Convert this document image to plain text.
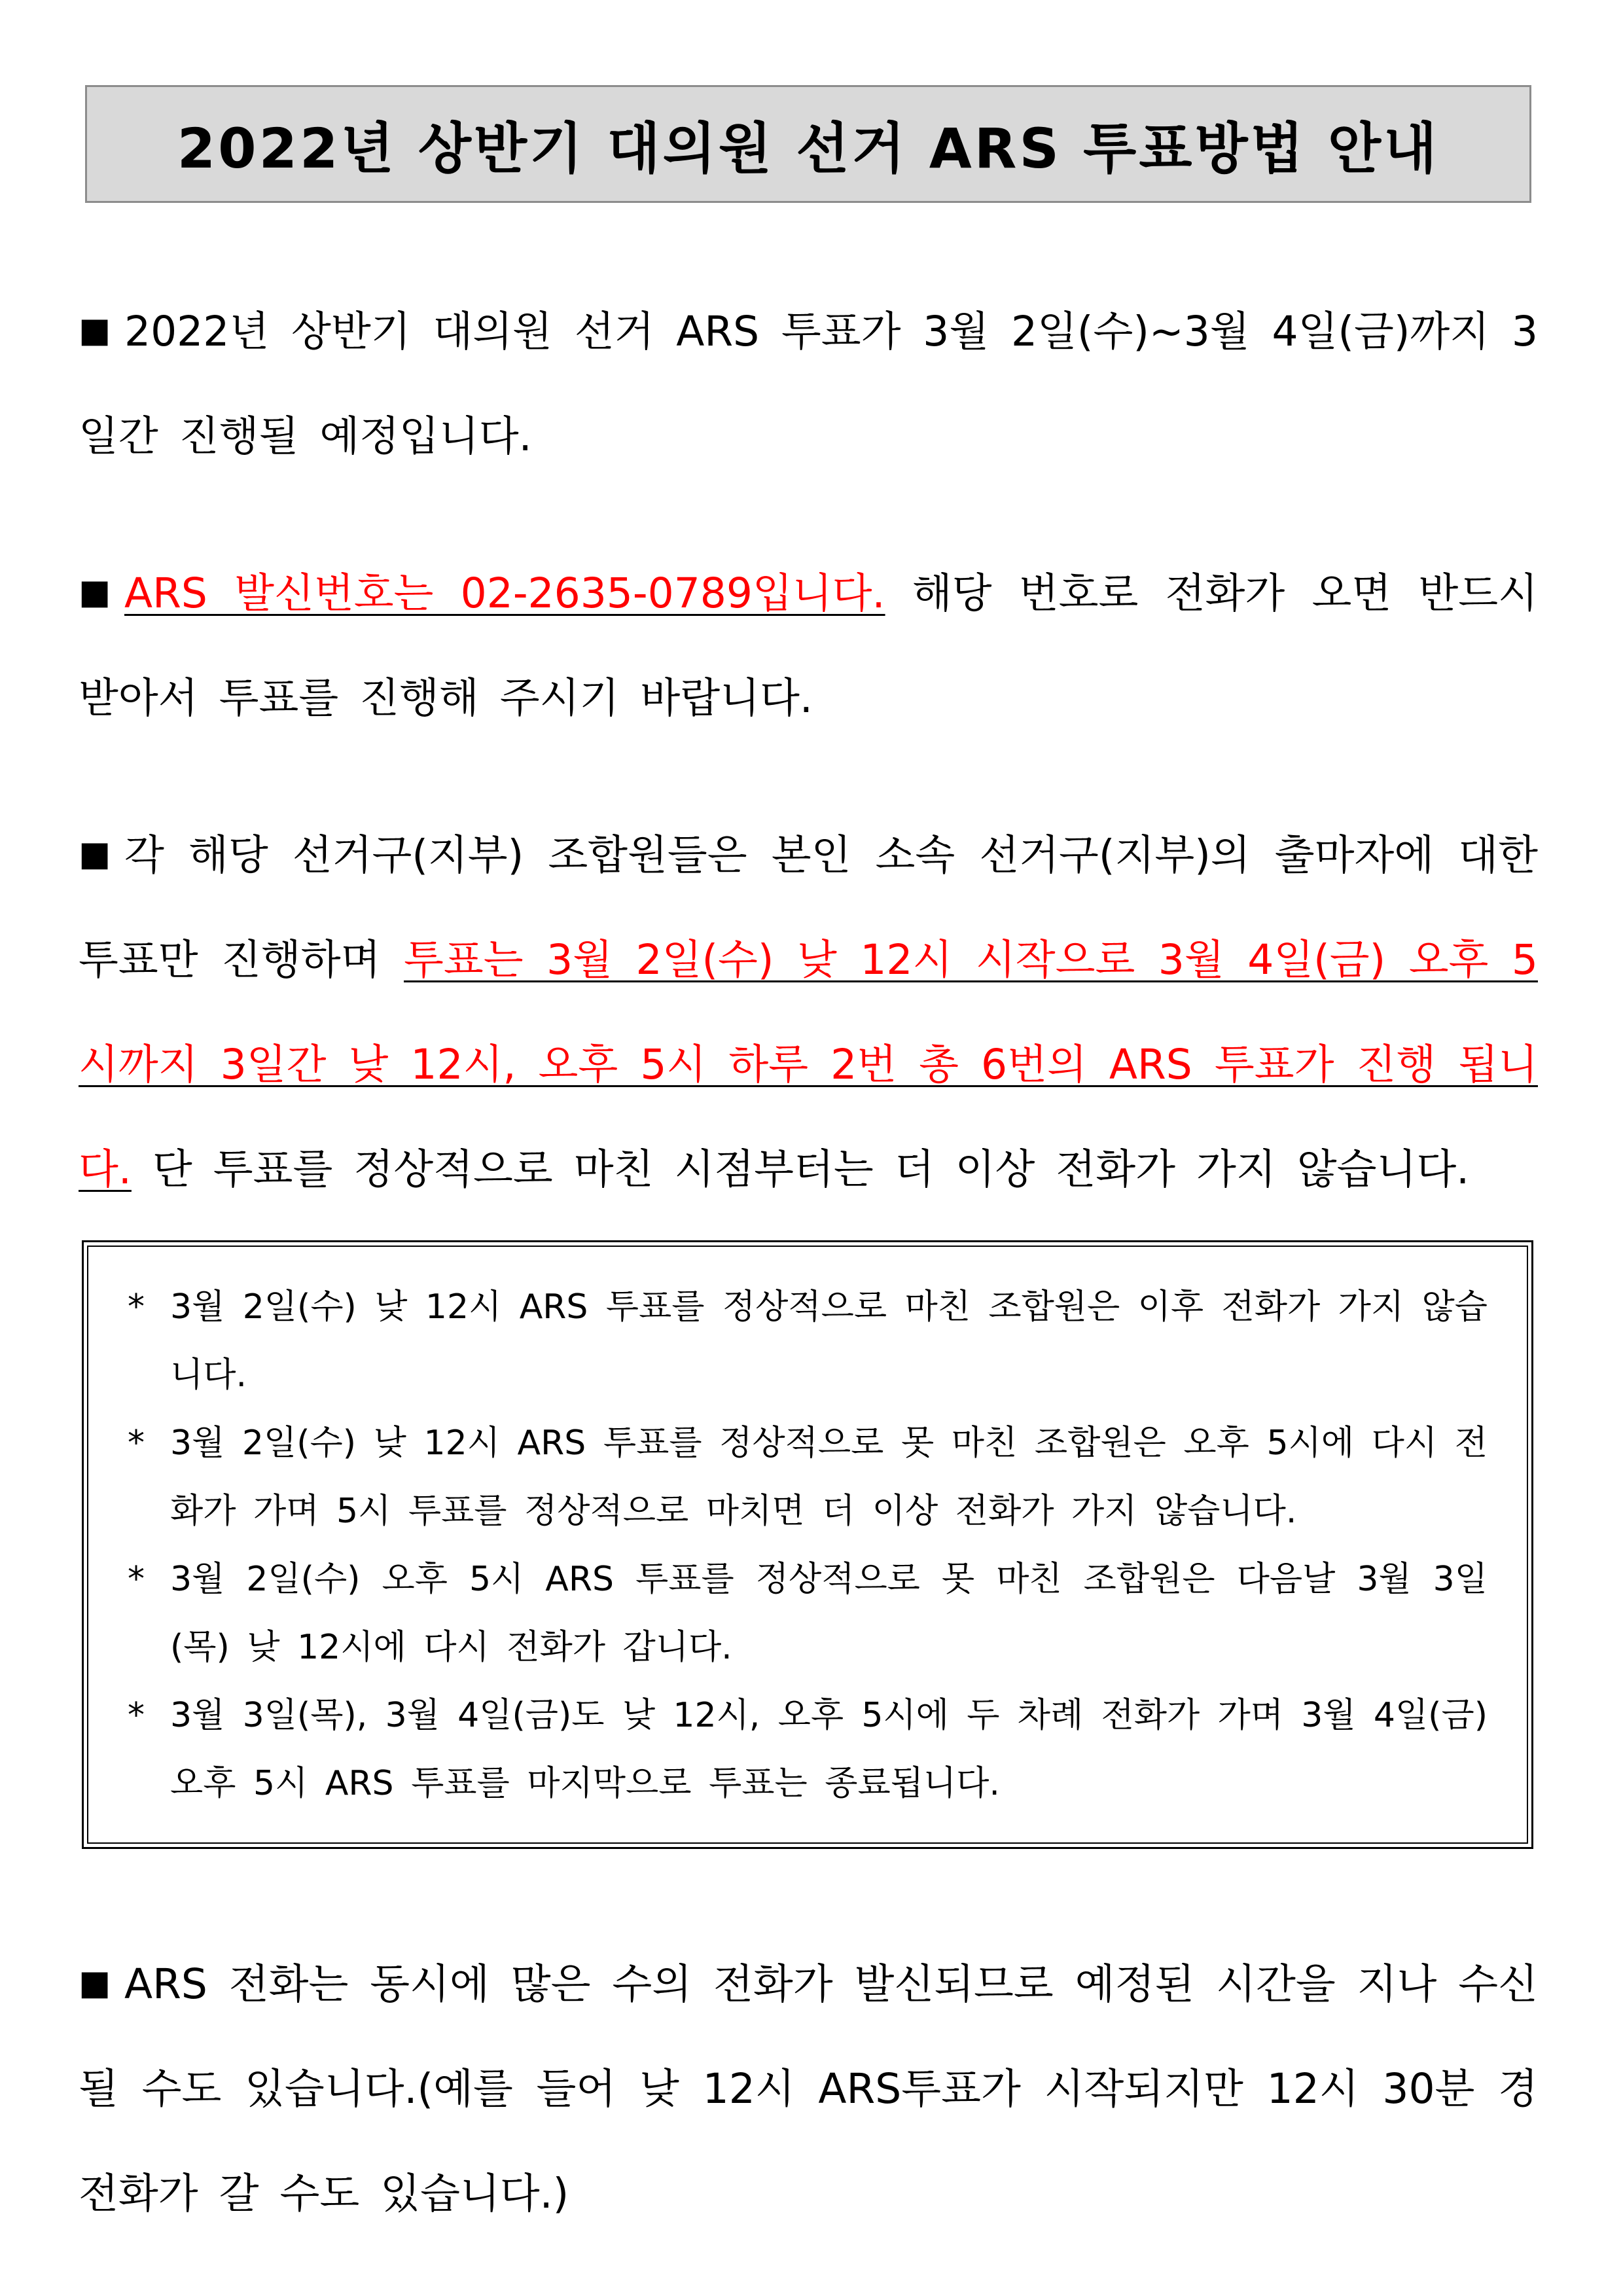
2022년 상반기 대의원 선거 ARS 투표방법 안내
■ 2022년 상반기 대의원 선거 ARS 투표가 3월 2일(수)~3월 4일(금)까지 3일간 진행될 예정입니다.
■ ARS 발신번호는 02-2635-0789입니다. 해당 번호로 전화가 오면 반드시 받아서 투표를 진행해 주시기 바랍니다.
■ 각 해당 선거구(지부) 조합원들은 본인 소속 선거구(지부)의 출마자에 대한 투표만 진행하며 투표는 3월 2일(수) 낮 12시 시작으로 3월 4일(금) 오후 5시까지 3일간 낮 12시, 오후 5시 하루 2번 총 6번의 ARS 투표가 진행 됩니다. 단 투표를 정상적으로 마친 시점부터는 더 이상 전화가 가지 않습니다.

* 3월 2일(수) 낮 12시 ARS 투표를 정상적으로 마친 조합원은 이후 전화가 가지 않습니다.

* 3월 2일(수) 낮 12시 ARS 투표를 정상적으로 못 마친 조합원은 오후 5시에 다시 전화가 가며 5시 투표를 정상적으로 마치면 더 이상 전화가 가지 않습니다.

* 3월 2일(수) 오후 5시 ARS 투표를 정상적으로 못 마친 조합원은 다음날 3월 3일(목) 낮 12시에 다시 전화가 갑니다.

* 3월 3일(목), 3월 4일(금)도 낮 12시, 오후 5시에 두 차례 전화가 가며 3월 4일(금) 오후 5시 ARS 투표를 마지막으로 투표는 종료됩니다.

■ ARS 전화는 동시에 많은 수의 전화가 발신되므로 예정된 시간을 지나 수신될 수도 있습니다.(예를 들어 낮 12시 ARS투표가 시작되지만 12시 30분 경 전화가 갈 수도 있습니다.)
